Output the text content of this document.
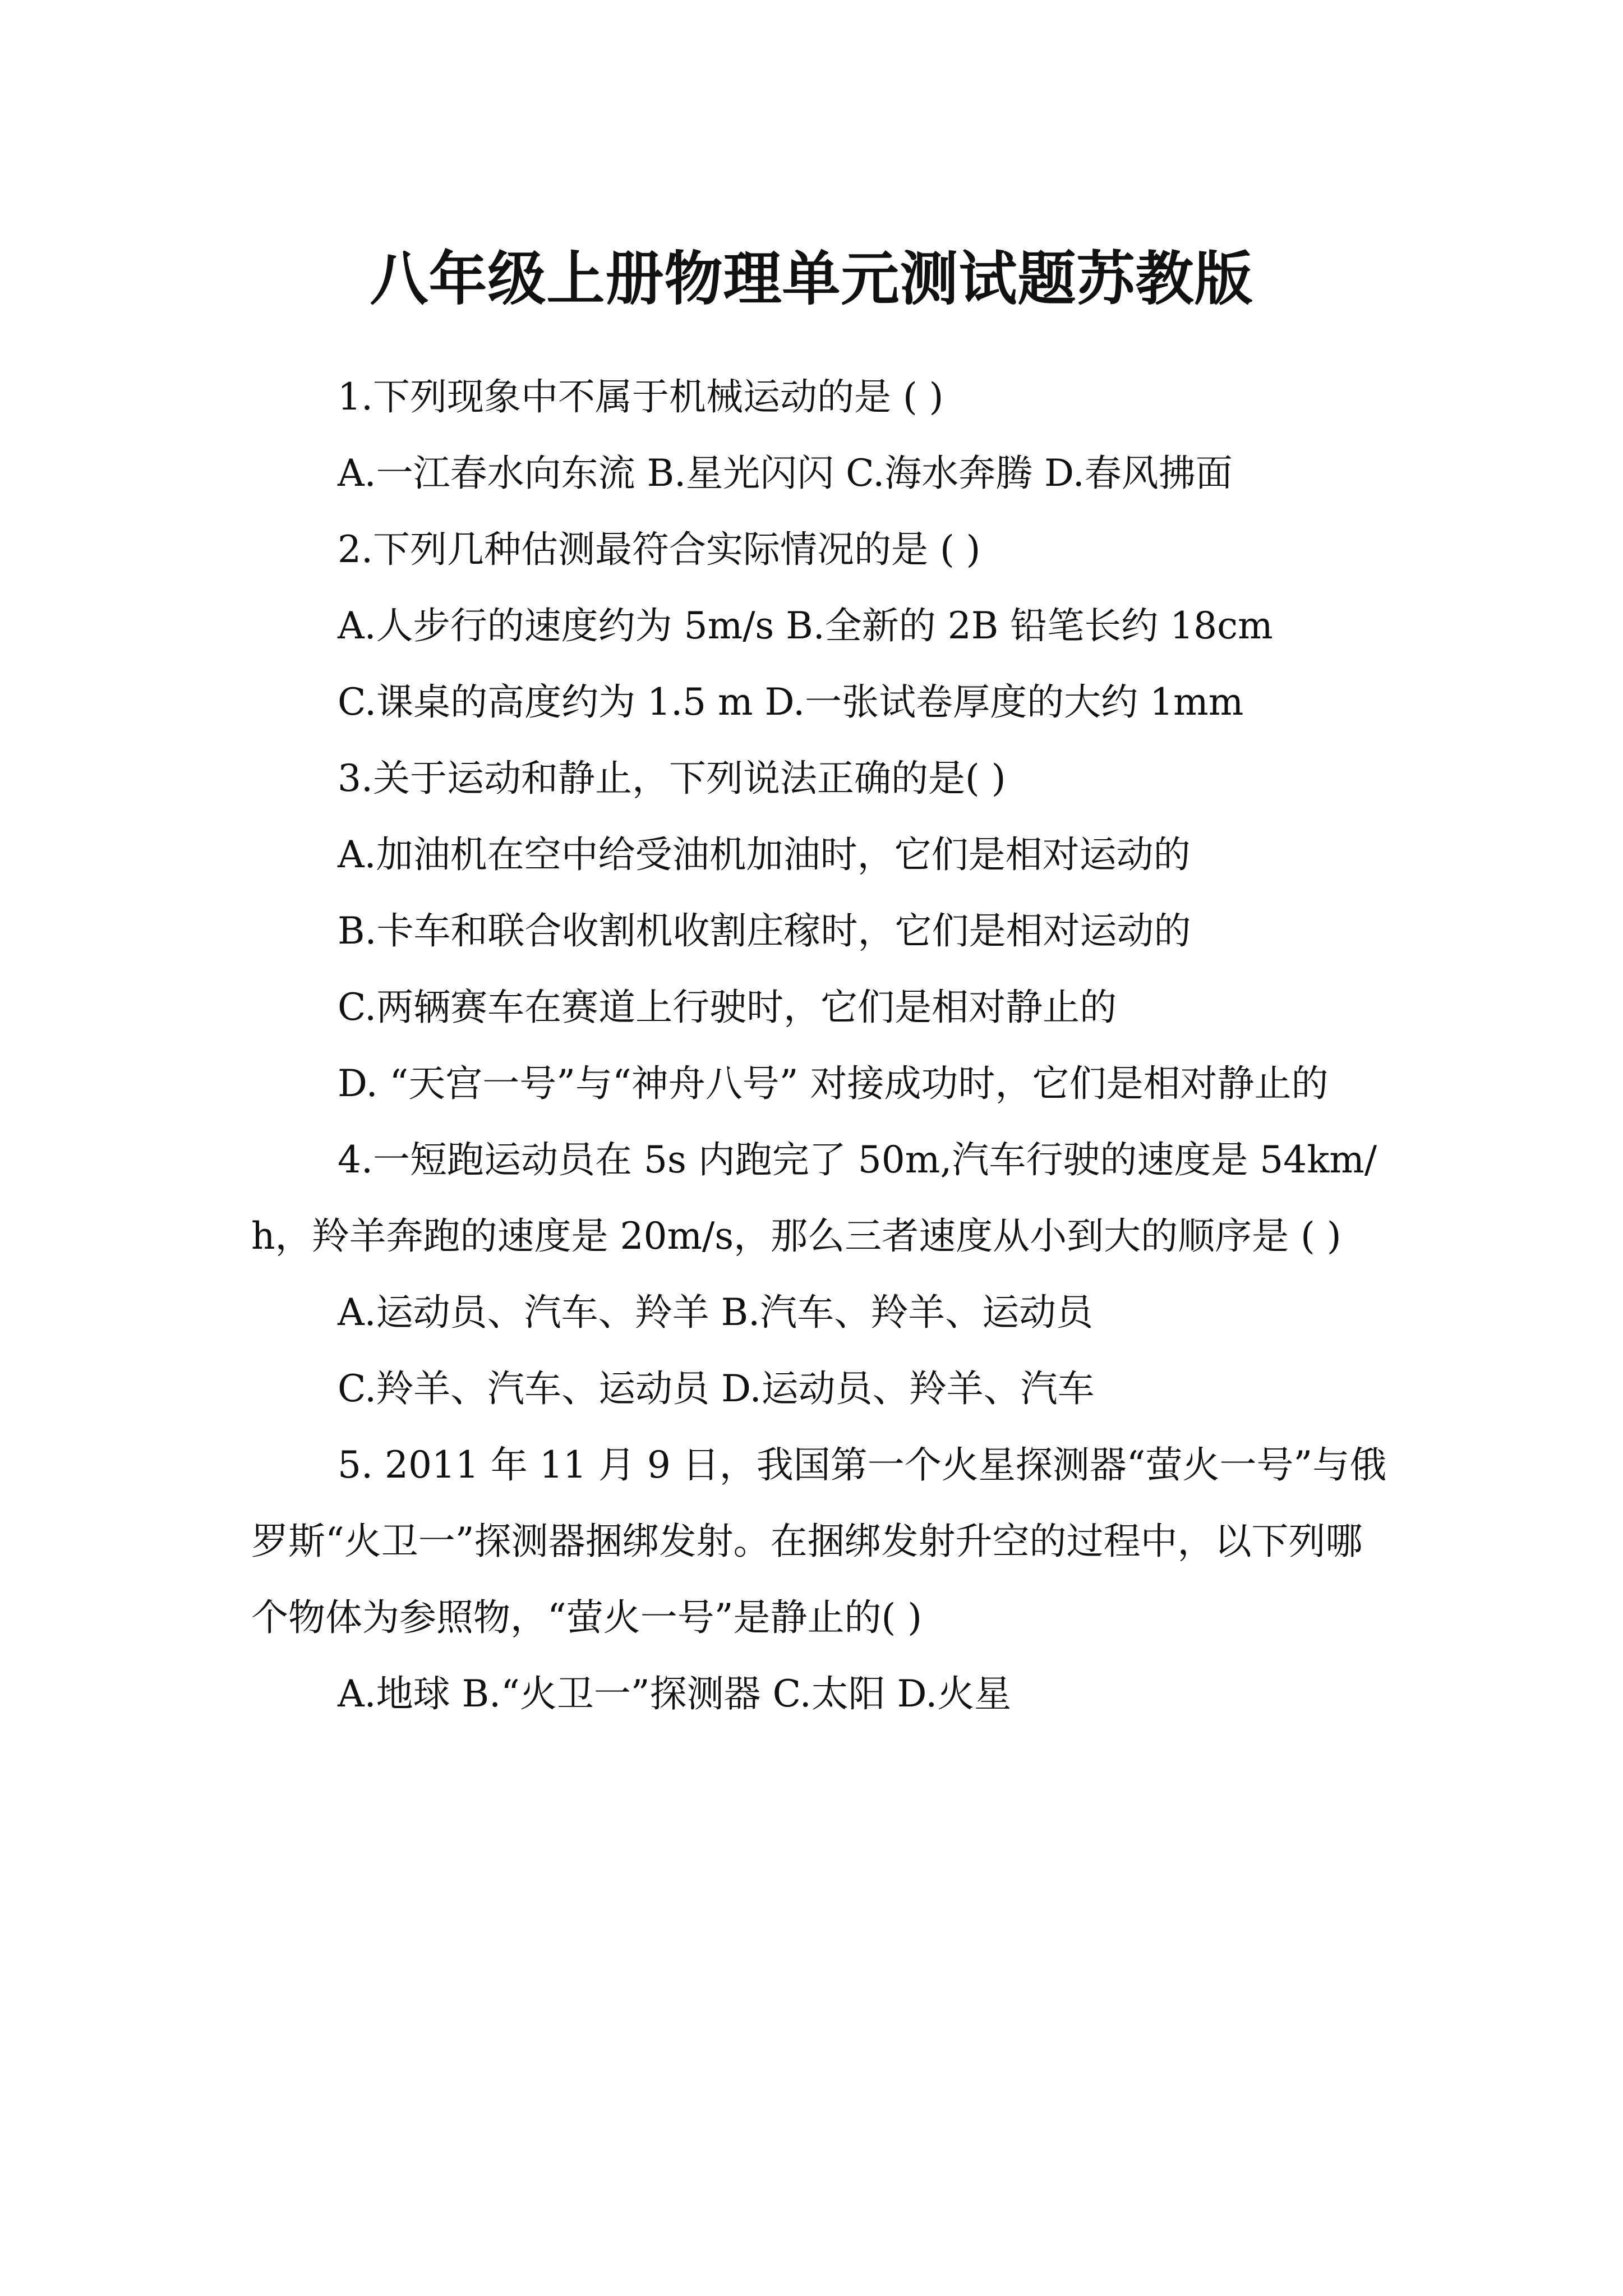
八年级上册物理单元测试题苏教版

1.下列现象中不属于机械运动的是 ( )

A.一江春水向东流 B.星光闪闪 C.海水奔腾 D.春风拂面

2.下列几种估测最符合实际情况的是 ( )

A.人步行的速度约为 5m/s B.全新的 2B 铅笔长约 18cm

C.课桌的高度约为 1.5 m D.一张试卷厚度的大约 1mm

3.关于运动和静止，下列说法正确的是( )

A.加油机在空中给受油机加油时，它们是相对运动的

B.卡车和联合收割机收割庄稼时，它们是相对运动的

C.两辆赛车在赛道上行驶时，它们是相对静止的

D. “天宫一号”与“神舟八号” 对接成功时，它们是相对静止的

4.一短跑运动员在 5s 内跑完了 50m,汽车行驶的速度是 54km/h，羚羊奔跑的速度是 20m/s，那么三者速度从小到大的顺序是 ( )

A.运动员、汽车、羚羊 B.汽车、羚羊、运动员

C.羚羊、汽车、运动员 D.运动员、羚羊、汽车

5. 2011 年 11 月 9 日，我国第一个火星探测器“萤火一号”与俄罗斯“火卫一”探测器捆绑发射。在捆绑发射升空的过程中，以下列哪个物体为参照物，“萤火一号”是静止的( )

A.地球 B.“火卫一”探测器 C.太阳 D.火星
